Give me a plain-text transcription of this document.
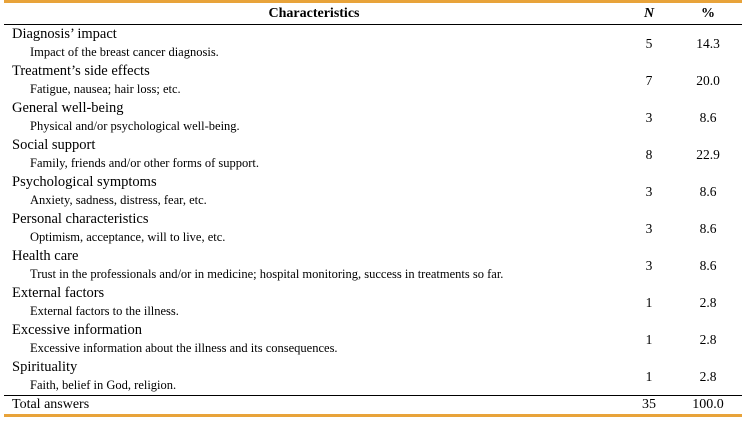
Characteristics	N	%
Diagnosis’ impact
Impact of the breast cancer diagnosis.
5	14.3
Treatment’s side effects
Fatigue, nausea; hair loss; etc.
7	20.0
General well-being
Physical and/or psychological well-being.
3	8.6
Social support
Family, friends and/or other forms of support.
8	22.9
Psychological symptoms
Anxiety, sadness, distress, fear, etc.
3	8.6
Personal characteristics
Optimism, acceptance, will to live, etc.
3	8.6
Health care
Trust in the professionals and/or in medicine; hospital monitoring, success in treatments so far.
3	8.6
External factors
External factors to the illness.
1	2.8
Excessive information
Excessive information about the illness and its consequences.
1	2.8
Spirituality
Faith, belief in God, religion.
1	2.8
Total answers	35	100.0
